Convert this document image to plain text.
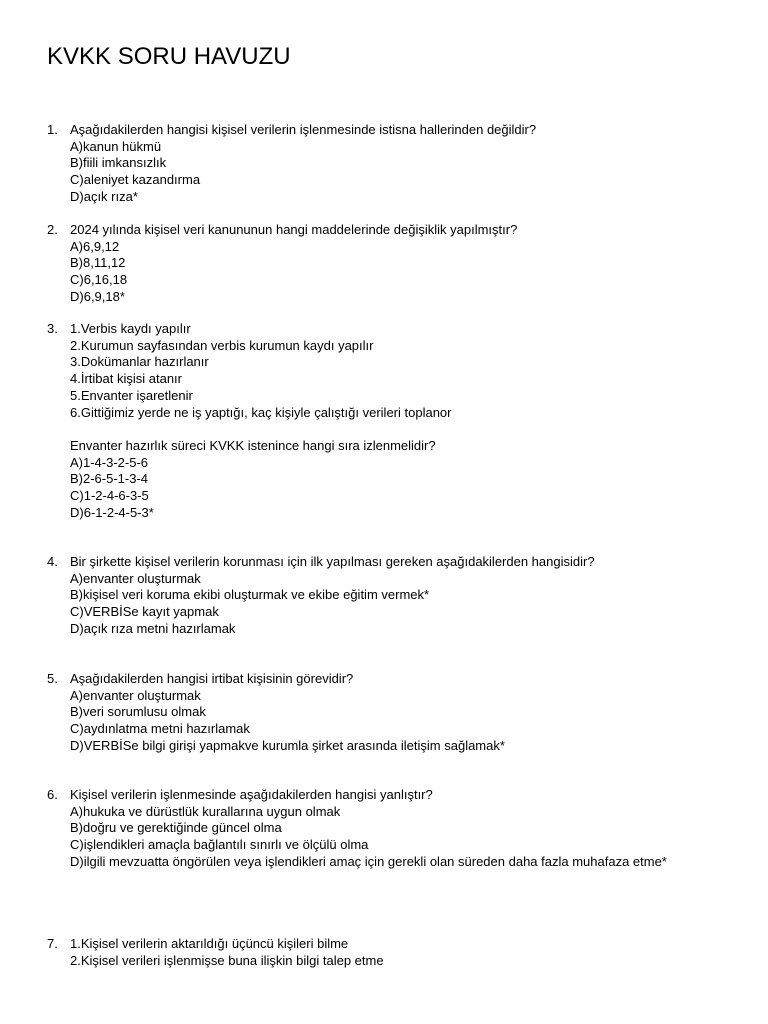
KVKK SORU HAVUZU
1. Aşağıdakilerden hangisi kişisel verilerin işlenmesinde istisna hallerinden değildir?
A)kanun hükmü
B)fiili imkansızlık
C)aleniyet kazandırma
D)açık rıza*
2. 2024 yılında kişisel veri kanununun hangi maddelerinde değişiklik yapılmıştır?
A)6,9,12
B)8,11,12
C)6,16,18
D)6,9,18*
3. 1.Verbis kaydı yapılır
2.Kurumun sayfasından verbis kurumun kaydı yapılır
3.Dokümanlar hazırlanır
4.İrtibat kişisi atanır
5.Envanter işaretlenir
6.Gittiğimiz yerde ne iş yaptığı, kaç kişiyle çalıştığı verileri toplanor
Envanter hazırlık süreci KVKK istenince hangi sıra izlenmelidir?
A)1-4-3-2-5-6
B)2-6-5-1-3-4
C)1-2-4-6-3-5
D)6-1-2-4-5-3*
4. Bir şirkette kişisel verilerin korunması için ilk yapılması gereken aşağıdakilerden hangisidir?
A)envanter oluşturmak
B)kişisel veri koruma ekibi oluşturmak ve ekibe eğitim vermek*
C)VERBİSe kayıt yapmak
D)açık rıza metni hazırlamak
5. Aşağıdakilerden hangisi irtibat kişisinin görevidir?
A)envanter oluşturmak
B)veri sorumlusu olmak
C)aydınlatma metni hazırlamak
D)VERBİSe bilgi girişi yapmakve kurumla şirket arasında iletişim sağlamak*
6. Kişisel verilerin işlenmesinde aşağıdakilerden hangisi yanlıştır?
A)hukuka ve dürüstlük kurallarına uygun olmak
B)doğru ve gerektiğinde güncel olma
C)işlendikleri amaçla bağlantılı sınırlı ve ölçülü olma
D)ilgili mevzuatta öngörülen veya işlendikleri amaç için gerekli olan süreden daha fazla muhafaza etme*
7. 1.Kişisel verilerin aktarıldığı üçüncü kişileri bilme
2.Kişisel verileri işlenmişse buna ilişkin bilgi talep etme
